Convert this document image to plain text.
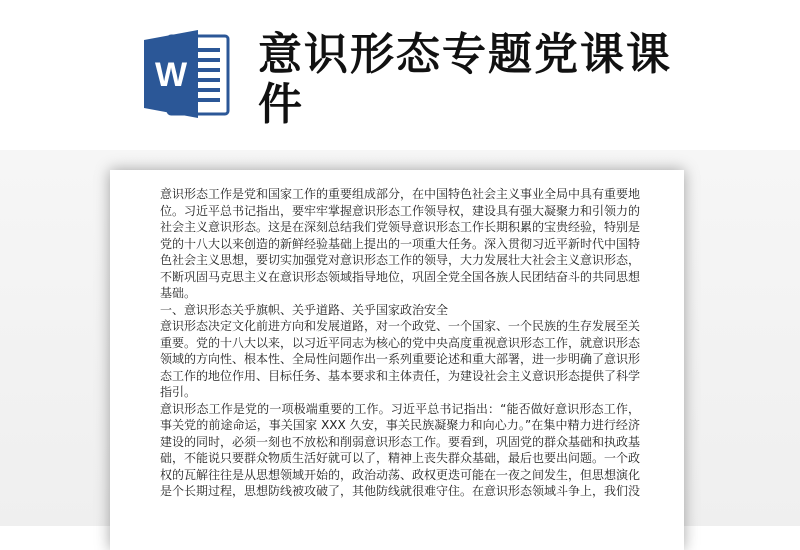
W 意识形态专题党课课件

意识形态工作是党和国家工作的重要组成部分，在中国特色社会主义事业全局中具有重要地位。习近平总书记指出，要牢牢掌握意识形态工作领导权，建设具有强大凝聚力和引领力的社会主义意识形态。这是在深刻总结我们党领导意识形态工作长期积累的宝贵经验，特别是党的十八大以来创造的新鲜经验基础上提出的一项重大任务。深入贯彻习近平新时代中国特色社会主义思想，要切实加强党对意识形态工作的领导，大力发展壮大社会主义意识形态，不断巩固马克思主义在意识形态领域指导地位，巩固全党全国各族人民团结奋斗的共同思想基础。

一、意识形态关乎旗帜、关乎道路、关乎国家政治安全

意识形态决定文化前进方向和发展道路，对一个政党、一个国家、一个民族的生存发展至关重要。党的十八大以来，以习近平同志为核心的党中央高度重视意识形态工作，就意识形态领域的方向性、根本性、全局性问题作出一系列重要论述和重大部署，进一步明确了意识形态工作的地位作用、目标任务、基本要求和主体责任，为建设社会主义意识形态提供了科学指引。

意识形态工作是党的一项极端重要的工作。习近平总书记指出：“能否做好意识形态工作，事关党的前途命运，事关国家 XXX 久安，事关民族凝聚力和向心力。”在集中精力进行经济建设的同时，必须一刻也不放松和削弱意识形态工作。要看到，巩固党的群众基础和执政基础，不能说只要群众物质生活好就可以了，精神上丧失群众基础，最后也要出问题。一个政权的瓦解往往是从思想领域开始的，政治动荡、政权更迭可能在一夜之间发生，但思想演化是个长期过程，思想防线被攻破了，其他防线就很难守住。在意识形态领域斗争上，我们没
